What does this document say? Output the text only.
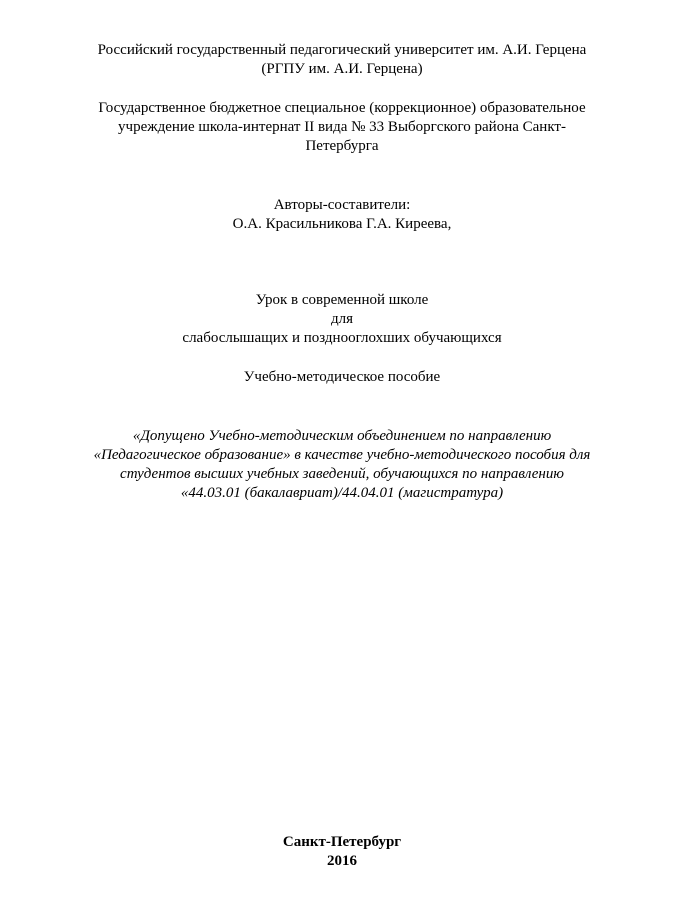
Российский государственный педагогический университет им. А.И. Герцена
(РГПУ им. А.И. Герцена)
Государственное бюджетное специальное (коррекционное) образовательное
учреждение школа-интернат II вида № 33 Выборгского района Санкт-
Петербурга
Авторы-составители:
О.А. Красильникова Г.А. Киреева,
Урок в современной школе
для
слабослышащих и позднооглохших обучающихся
Учебно-методическое пособие
«Допущено Учебно-методическим объединением по направлению
«Педагогическое образование» в качестве учебно-методического пособия для
студентов высших учебных заведений, обучающихся по направлению
«44.03.01 (бакалавриат)/44.04.01 (магистратура)
Санкт-Петербург
2016
